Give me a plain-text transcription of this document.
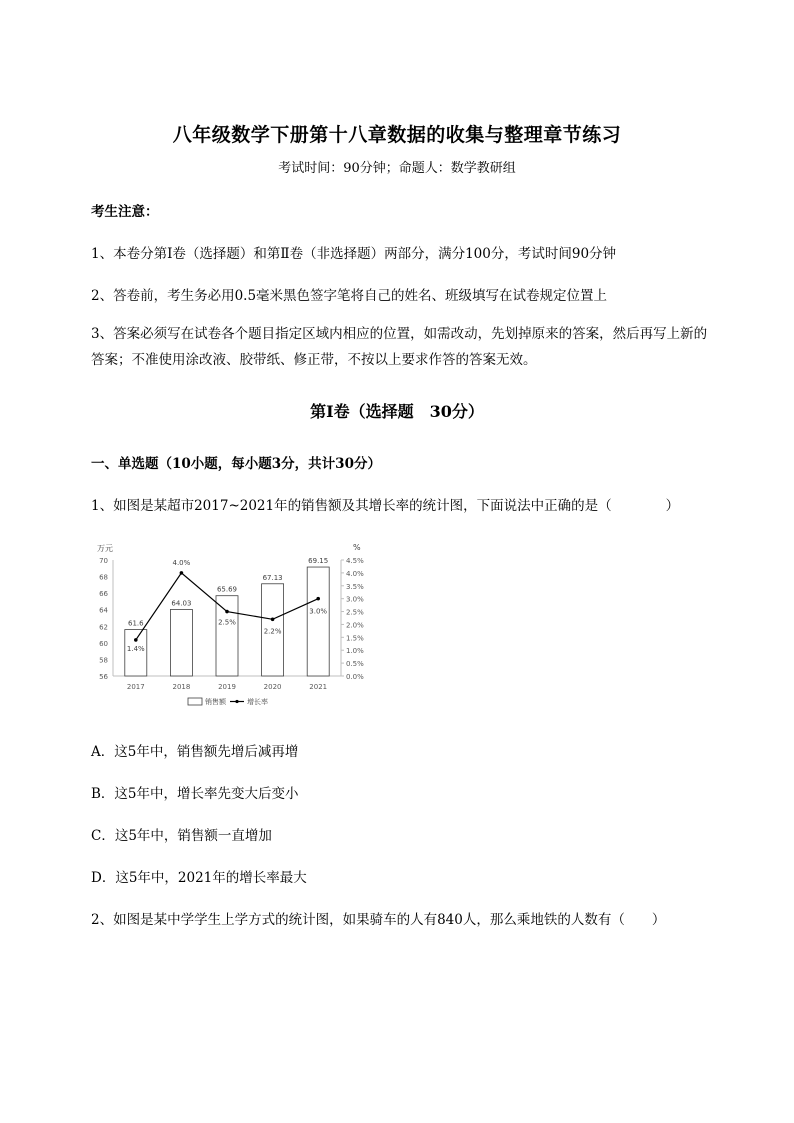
八年级数学下册第十八章数据的收集与整理章节练习
考试时间：90分钟；命题人：数学教研组
考生注意：
1、本卷分第I卷（选择题）和第Ⅱ卷（非选择题）两部分，满分100分，考试时间90分钟
2、答卷前，考生务必用0.5毫米黑色签字笔将自己的姓名、班级填写在试卷规定位置上
3、答案必须写在试卷各个题目指定区域内相应的位置，如需改动，先划掉原来的答案，然后再写上新的答案；不准使用涂改液、胶带纸、修正带，不按以上要求作答的答案无效。
第I卷（选择题　30分）
一、单选题（10小题，每小题3分，共计30分）
1、如图是某超市2017~2021年的销售额及其增长率的统计图，下面说法中正确的是（　　　　）
56
58
60
62
64
66
68
70
0.0%
0.5%
1.0%
1.5%
2.0%
2.5%
3.0%
3.5%
4.0%
4.5%
万元	%
61.6
64.03
65.69
67.13
69.15
2017	2018	2019	2020	2021
1.4%
4.0%
2.5%
2.2%
3.0%
销售额	增长率
A．这5年中，销售额先增后减再增
B．这5年中，增长率先变大后变小
C．这5年中，销售额一直增加
D．这5年中，2021年的增长率最大
2、如图是某中学学生上学方式的统计图，如果骑车的人有840人，那么乘地铁的人数有（　　）
